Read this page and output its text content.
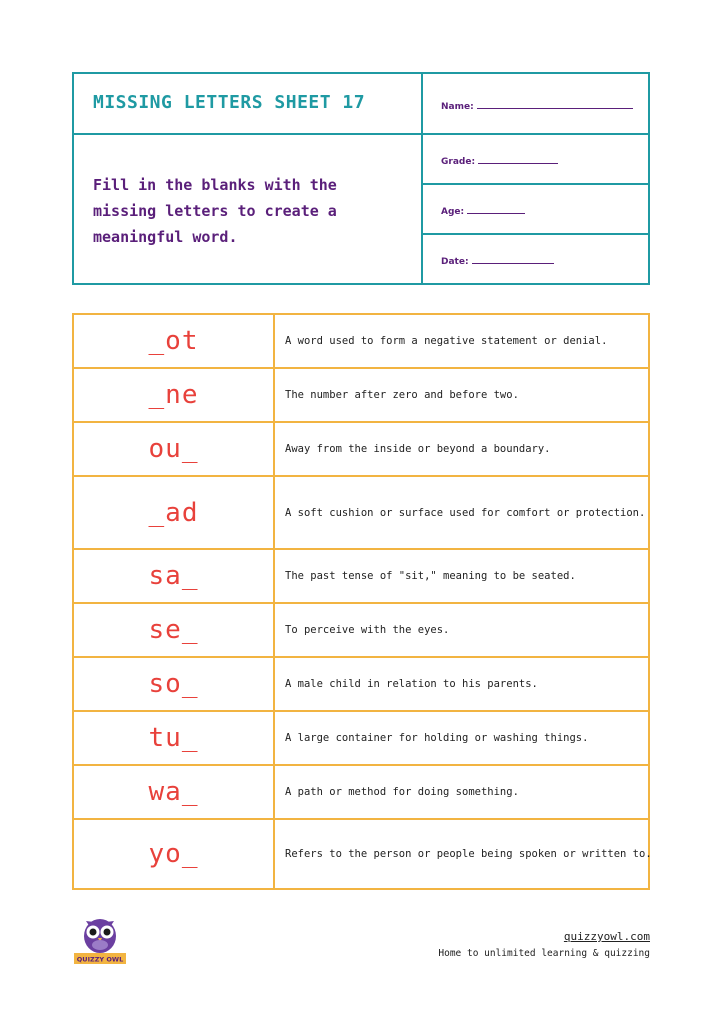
MISSING LETTERS SHEET 17
Fill in the blanks with the missing letters to create a meaningful word.
Name:
Grade:
Age:
Date:
_ot	A word used to form a negative statement or denial.
_ne	The number after zero and before two.
ou_	Away from the inside or beyond a boundary.
_ad	A soft cushion or surface used for comfort or protection.
sa_	The past tense of "sit," meaning to be seated.
se_	To perceive with the eyes.
so_	A male child in relation to his parents.
tu_	A large container for holding or washing things.
wa_	A path or method for doing something.
yo_	Refers to the person or people being spoken or written to.
QUIZZY OWL
quizzyowl.com
Home to unlimited learning & quizzing
